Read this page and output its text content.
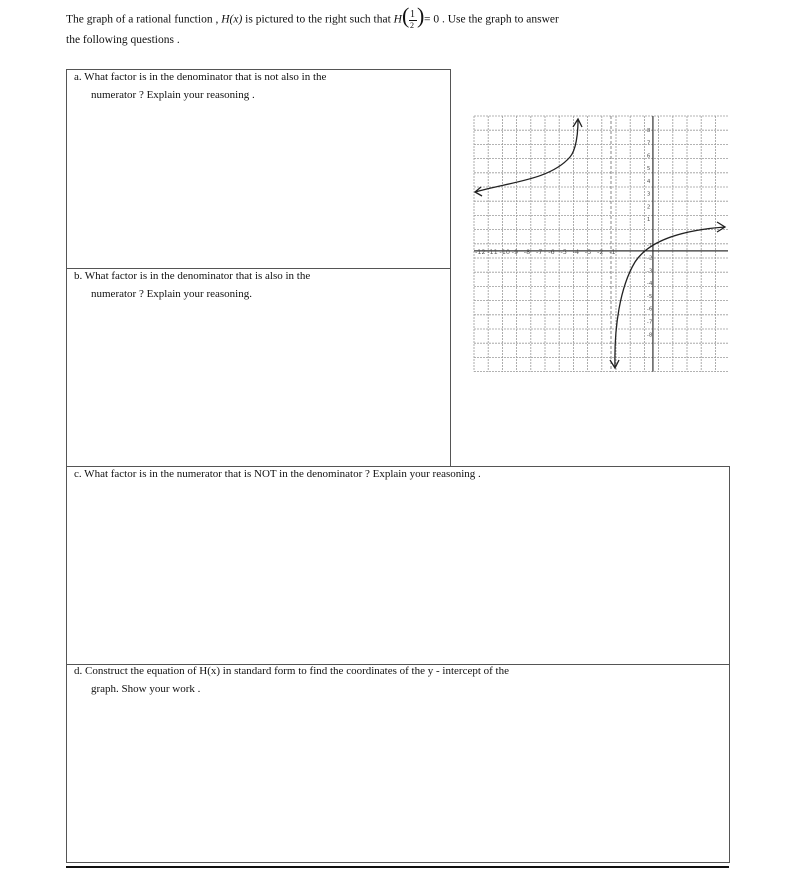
The graph of a rational function , H(x) is pictured to the right such that H ( 1
2 ) = 0 . Use the graph to answer
the following questions .
a. What factor is in the denominator that is not also in the
numerator ? Explain your reasoning .
b. What factor is in the denominator that is also in the
numerator ? Explain your reasoning.
c. What factor is in the numerator that is NOT in the denominator ? Explain your reasoning .
d. Construct the equation of H(x) in standard form to find the coordinates of the y - intercept of the
graph. Show your work .
-12 -11 -10 -9 -8 -7 -6 -5 -4 -3 -2 -1
8
7
6
5
4
3
2
1
-1
-2
-3
-4
-5
-6
-7
-8
